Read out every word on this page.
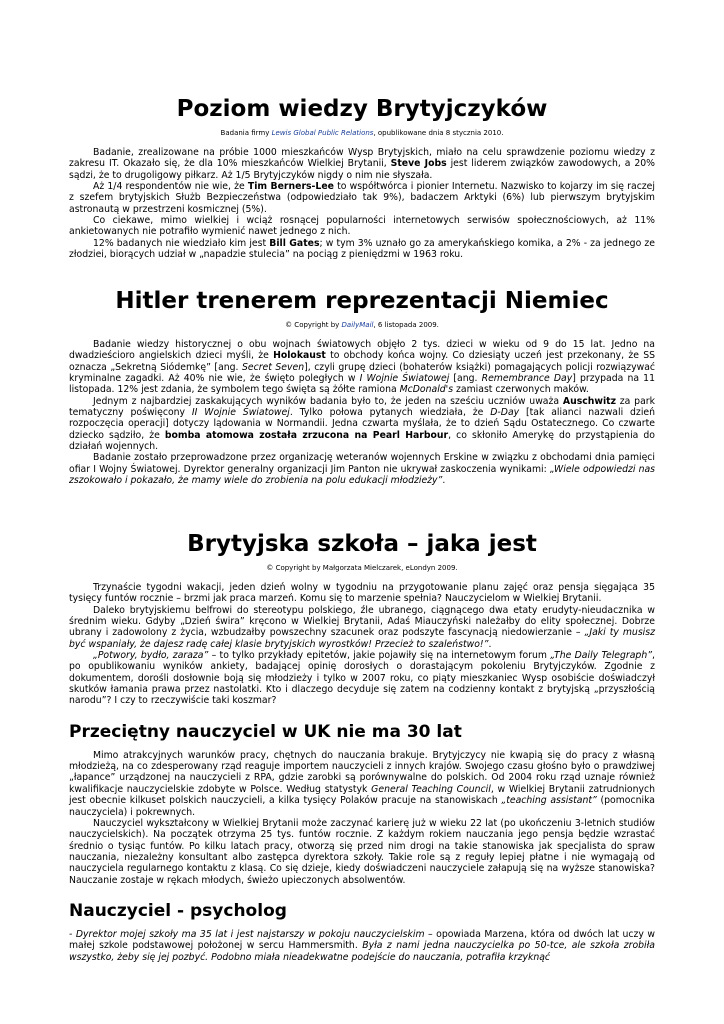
Poziom wiedzy Brytyjczyków
Badania firmy Lewis Global Public Relations, opublikowane dnia 8 stycznia 2010.

Badanie, zrealizowane na próbie 1000 mieszkańców Wysp Brytyjskich, miało na celu sprawdzenie poziomu wiedzy z zakresu IT. Okazało się, że dla 10% mieszkańców Wielkiej Brytanii, Steve Jobs jest liderem związków zawodowych, a 20% sądzi, że to drugoligowy piłkarz. Aż 1/5 Brytyjczyków nigdy o nim nie słyszała.

Aż 1/4 respondentów nie wie, że Tim Berners-Lee to współtwórca i pionier Internetu. Nazwisko to kojarzy im się raczej z szefem brytyjskich Służb Bezpieczeństwa (odpowiedziało tak 9%), badaczem Arktyki (6%) lub pierwszym brytyjskim astronautą w przestrzeni kosmicznej (5%).

Co ciekawe, mimo wielkiej i wciąż rosnącej popularności internetowych serwisów społecznościowych, aż 11% ankietowanych nie potrafiło wymienić nawet jednego z nich.

12% badanych nie wiedziało kim jest Bill Gates; w tym 3% uznało go za amerykańskiego komika, a 2% - za jednego ze złodziei, biorących udział w „napadzie stulecia” na pociąg z pieniędzmi w 1963 roku.

Hitler trenerem reprezentacji Niemiec
© Copyright by DailyMail, 6 listopada 2009.

Badanie wiedzy historycznej o obu wojnach światowych objęło 2 tys. dzieci w wieku od 9 do 15 lat. Jedno na dwadzieścioro angielskich dzieci myśli, że Holokaust to obchody końca wojny. Co dziesiąty uczeń jest przekonany, że SS oznacza „Sekretną Siódemkę” [ang. Secret Seven], czyli grupę dzieci (bohaterów książki) pomagających policji rozwiązywać kryminalne zagadki. Aż 40% nie wie, że święto poległych w I Wojnie Światowej [ang. Remembrance Day] przypada na 11 listopada. 12% jest zdania, że symbolem tego święta są żółte ramiona McDonald's zamiast czerwonych maków.

Jednym z najbardziej zaskakujących wyników badania było to, że jeden na sześciu uczniów uważa Auschwitz za park tematyczny poświęcony II Wojnie Światowej. Tylko połowa pytanych wiedziała, że D-Day [tak alianci nazwali dzień rozpoczęcia operacji] dotyczy lądowania w Normandii. Jedna czwarta myślała, że to dzień Sądu Ostatecznego. Co czwarte dziecko sądziło, że bomba atomowa została zrzucona na Pearl Harbour, co skłoniło Amerykę do przystąpienia do działań wojennych.

Badanie zostało przeprowadzone przez organizację weteranów wojennych Erskine w związku z obchodami dnia pamięci ofiar I Wojny Światowej. Dyrektor generalny organizacji Jim Panton nie ukrywał zaskoczenia wynikami: „Wiele odpowiedzi nas zszokowało i pokazało, że mamy wiele do zrobienia na polu edukacji młodzieży”.

Brytyjska szkoła – jaka jest
© Copyright by Małgorzata Mielczarek, eLondyn 2009.

Trzynaście tygodni wakacji, jeden dzień wolny w tygodniu na przygotowanie planu zajęć oraz pensja sięgająca 35 tysięcy funtów rocznie – brzmi jak praca marzeń. Komu się to marzenie spełnia? Nauczycielom w Wielkiej Brytanii.

Daleko brytyjskiemu belfrowi do stereotypu polskiego, źle ubranego, ciągnącego dwa etaty erudyty-nieudacznika w średnim wieku. Gdyby „Dzień świra” kręcono w Wielkiej Brytanii, Adaś Miauczyński należałby do elity społecznej. Dobrze ubrany i zadowolony z życia, wzbudzałby powszechny szacunek oraz podszyte fascynacją niedowierzanie – „Jaki ty musisz być wspaniały, że dajesz radę całej klasie brytyjskich wyrostków! Przecież to szaleństwo!”.

„Potwory, bydło, zaraza” – to tylko przykłady epitetów, jakie pojawiły się na internetowym forum „The Daily Telegraph”, po opublikowaniu wyników ankiety, badającej opinię dorosłych o dorastającym pokoleniu Brytyjczyków. Zgodnie z dokumentem, dorośli dosłownie boją się młodzieży i tylko w 2007 roku, co piąty mieszkaniec Wysp osobiście doświadczył skutków łamania prawa przez nastolatki. Kto i dlaczego decyduje się zatem na codzienny kontakt z brytyjską „przyszłością narodu”? I czy to rzeczywiście taki koszmar?

Przeciętny nauczyciel w UK nie ma 30 lat

Mimo atrakcyjnych warunków pracy, chętnych do nauczania brakuje. Brytyjczycy nie kwapią się do pracy z własną młodzieżą, na co zdesperowany rząd reaguje importem nauczycieli z innych krajów. Swojego czasu głośno było o prawdziwej „łapance” urządzonej na nauczycieli z RPA, gdzie zarobki są porównywalne do polskich. Od 2004 roku rząd uznaje również kwalifikacje nauczycielskie zdobyte w Polsce. Według statystyk General Teaching Council, w Wielkiej Brytanii zatrudnionych jest obecnie kilkuset polskich nauczycieli, a kilka tysięcy Polaków pracuje na stanowiskach „teaching assistant” (pomocnika nauczyciela) i pokrewnych.

Nauczyciel wykształcony w Wielkiej Brytanii może zaczynać karierę już w wieku 22 lat (po ukończeniu 3-letnich studiów nauczycielskich). Na początek otrzyma 25 tys. funtów rocznie. Z każdym rokiem nauczania jego pensja będzie wzrastać średnio o tysiąc funtów. Po kilku latach pracy, otworzą się przed nim drogi na takie stanowiska jak specjalista do spraw nauczania, niezależny konsultant albo zastępca dyrektora szkoły. Takie role są z reguły lepiej płatne i nie wymagają od nauczyciela regularnego kontaktu z klasą. Co się dzieje, kiedy doświadczeni nauczyciele załapują się na wyższe stanowiska? Nauczanie zostaje w rękach młodych, świeżo upieczonych absolwentów.

Nauczyciel - psycholog

- Dyrektor mojej szkoły ma 35 lat i jest najstarszy w pokoju nauczycielskim – opowiada Marzena, która od dwóch lat uczy w małej szkole podstawowej położonej w sercu Hammersmith. Była z nami jedna nauczycielka po 50-tce, ale szkoła zrobiła wszystko, żeby się jej pozbyć. Podobno miała nieadekwatne podejście do nauczania, potrafiła krzyknąć
